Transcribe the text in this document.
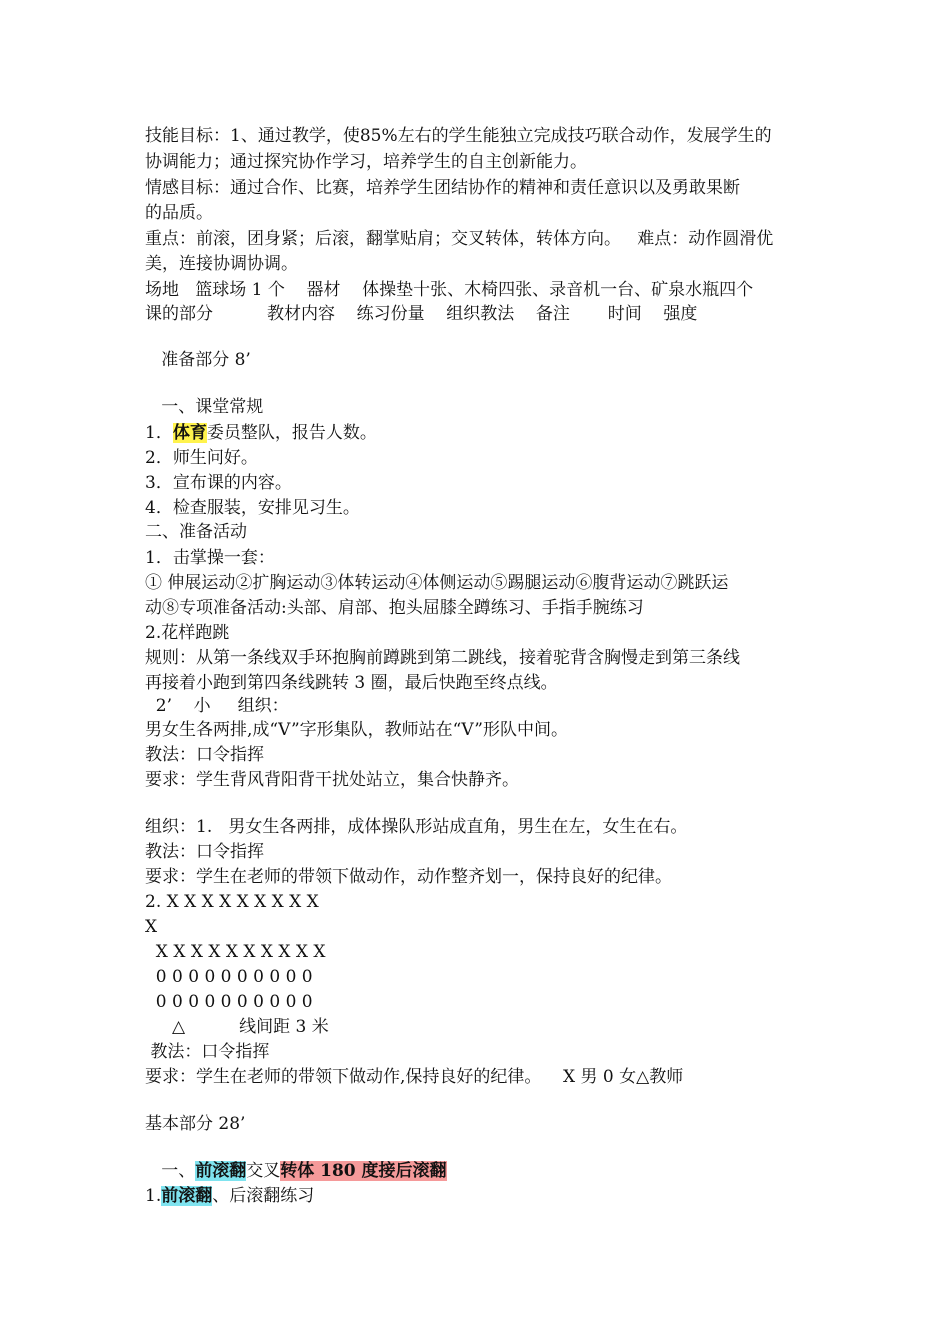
技能目标：1、通过教学，使85%左右的学生能独立完成技巧联合动作，发展学生的
协调能力；通过探究协作学习，培养学生的自主创新能力。
情感目标：通过合作、比赛，培养学生团结协作的精神和责任意识以及勇敢果断
的品质。
重点：前滚，团身紧；后滚，翻掌贴肩；交叉转体，转体方向。   难点：动作圆滑优
美，连接协调协调。
场地   篮球场 1 个    器材    体操垫十张、木椅四张、录音机一台、矿泉水瓶四个
课的部分          教材内容    练习份量    组织教法    备注       时间    强度
准备部分 8’
一、课堂常规
1．体育委员整队，报告人数。
2．师生问好。
3．宣布课的内容。
4．检查服装，安排见习生。
二、准备活动
1．击掌操一套：
① 伸展运动②扩胸运动③体转运动④体侧运动⑤踢腿运动⑥腹背运动⑦跳跃运
动⑧专项准备活动:头部、肩部、抱头屈膝全蹲练习、手指手腕练习
2.花样跑跳
规则：从第一条线双手环抱胸前蹲跳到第二跳线，接着驼背含胸慢走到第三条线
再接着小跑到第四条线跳转 3 圈，最后快跑至终点线。
2’    小     组织：
男女生各两排,成“V”字形集队，教师站在“V”形队中间。
教法：口令指挥
要求：学生背风背阳背干扰处站立，集合快静齐。
组织：1.   男女生各两排，成体操队形站成直角，男生在左，女生在右。
教法：口令指挥
要求：学生在老师的带领下做动作，动作整齐划一，保持良好的纪律。
2. X X X X X X X X X
X
X X X X X X X X X X
0 0 0 0 0 0 0 0 0 0
0 0 0 0 0 0 0 0 0 0
△          线间距 3 米
教法：口令指挥
要求：学生在老师的带领下做动作,保持良好的纪律。    X 男 0 女△教师
基本部分 28’
一、前滚翻交叉转体 180 度接后滚翻
1.前滚翻、后滚翻练习
